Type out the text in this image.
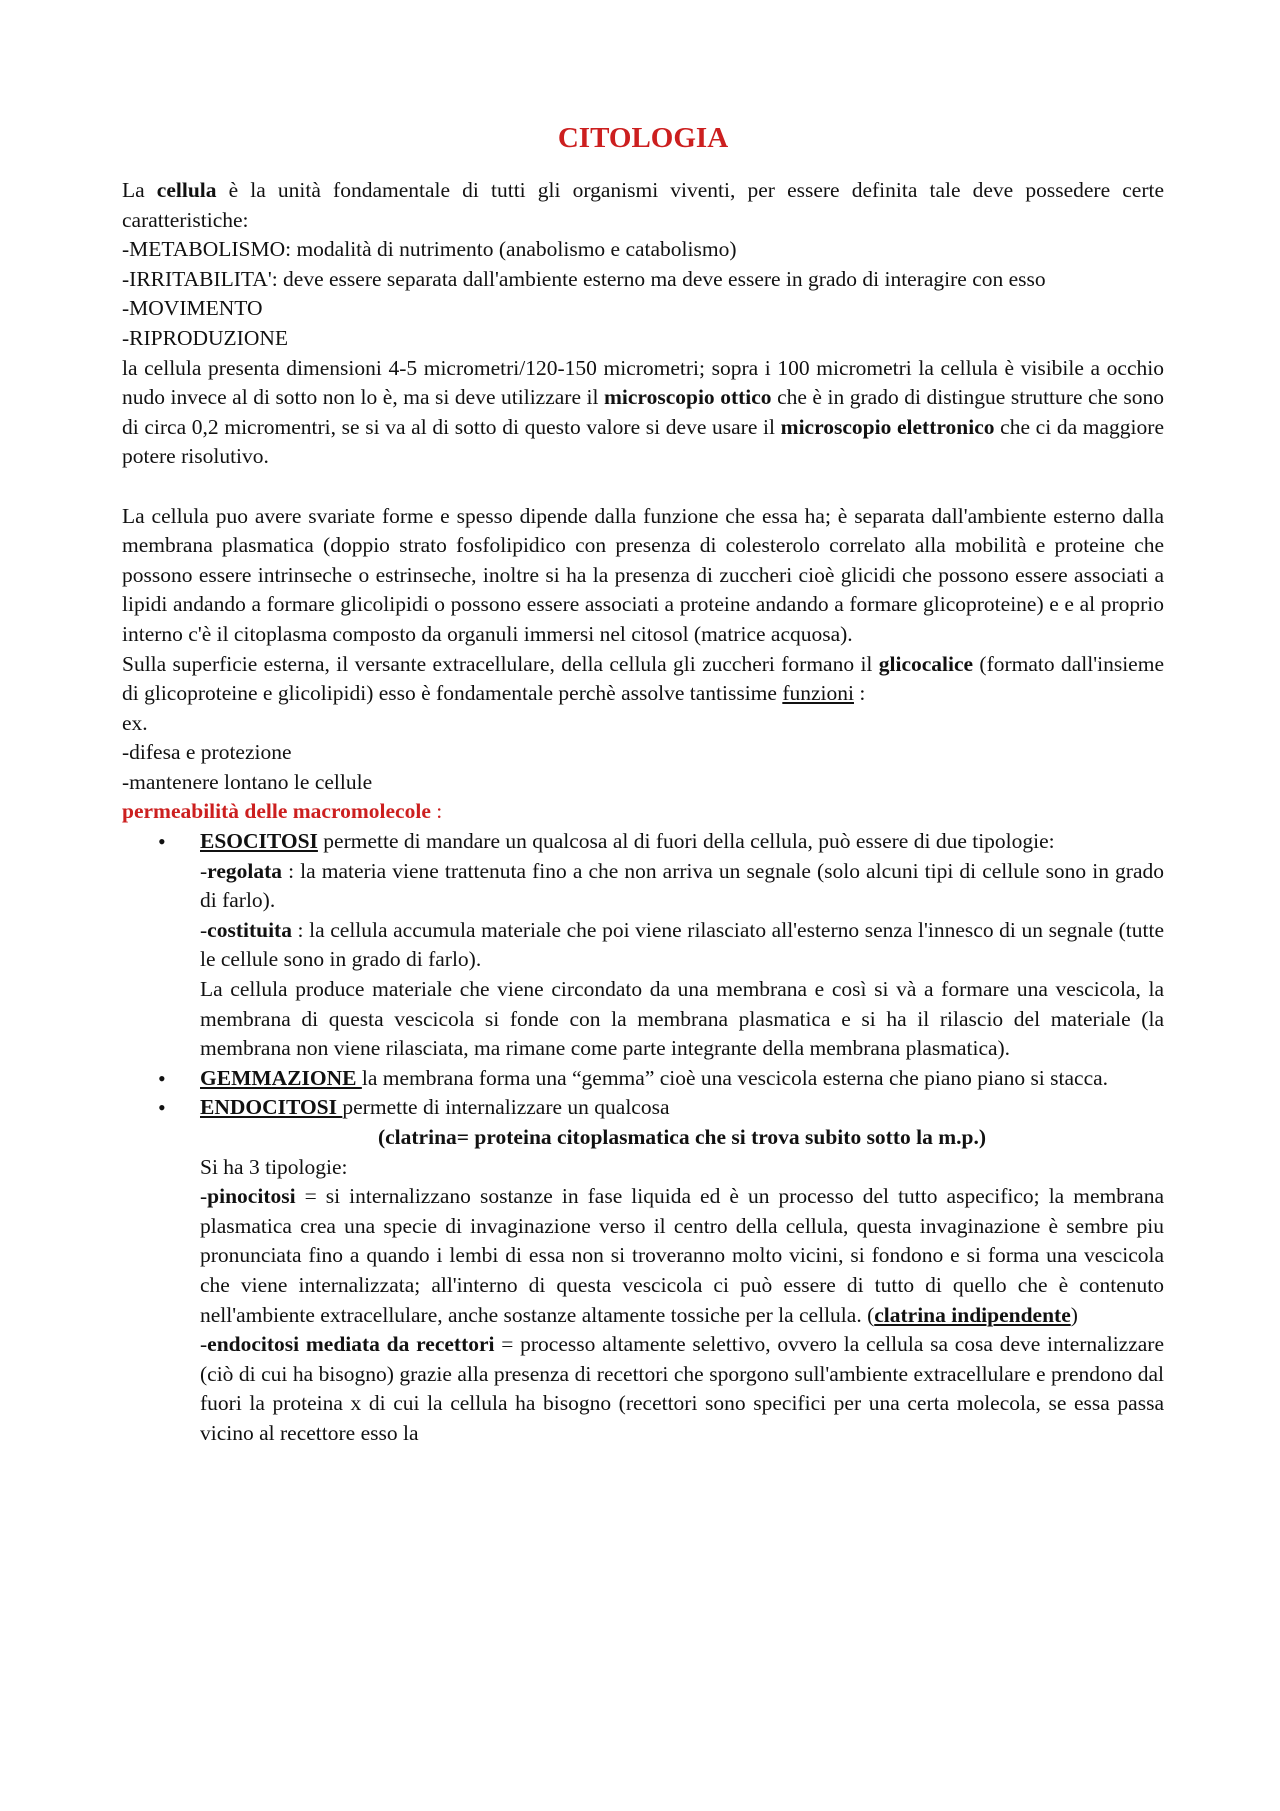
CITOLOGIA

La cellula è la unità fondamentale di tutti gli organismi viventi, per essere definita tale deve possedere certe caratteristiche:

-METABOLISMO: modalità di nutrimento (anabolismo e catabolismo)

-IRRITABILITA': deve essere separata dall'ambiente esterno ma deve essere in grado di interagire con esso

-MOVIMENTO

-RIPRODUZIONE

la cellula presenta dimensioni 4-5 micrometri/120-150 micrometri; sopra i 100 micrometri la cellula è visibile a occhio nudo invece al di sotto non lo è, ma si deve utilizzare il microscopio ottico che è in grado di distingue strutture che sono di circa 0,2 micromentri, se si va al di sotto di questo valore si deve usare il microscopio elettronico che ci da maggiore potere risolutivo.

La cellula puo avere svariate forme e spesso dipende dalla funzione che essa ha; è separata dall'ambiente esterno dalla membrana plasmatica (doppio strato fosfolipidico con presenza di colesterolo correlato alla mobilità e proteine che possono essere intrinseche o estrinseche, inoltre si ha la presenza di zuccheri cioè glicidi che possono essere associati a lipidi andando a formare glicolipidi o possono essere associati a proteine andando a formare glicoproteine) e e al proprio interno c'è il citoplasma composto da organuli immersi nel citosol (matrice acquosa).

Sulla superficie esterna, il versante extracellulare, della cellula gli zuccheri formano il glicocalice (formato dall'insieme di glicoproteine e glicolipidi) esso è fondamentale perchè assolve tantissime funzioni :

ex.

-difesa e protezione

-mantenere lontano le cellule

permeabilità delle macromolecole :

• ESOCITOSI permette di mandare un qualcosa al di fuori della cellula, può essere di due tipologie:

-regolata : la materia viene trattenuta fino a che non arriva un segnale (solo alcuni tipi di cellule sono in grado di farlo).

-costituita : la cellula accumula materiale che poi viene rilasciato all'esterno senza l'innesco di un segnale (tutte le cellule sono in grado di farlo).

La cellula produce materiale che viene circondato da una membrana e così si và a formare una vescicola, la membrana di questa vescicola si fonde con la membrana plasmatica e si ha il rilascio del materiale (la membrana non viene rilasciata, ma rimane come parte integrante della membrana plasmatica).

• GEMMAZIONE la membrana forma una “gemma” cioè una vescicola esterna che piano piano si stacca.

• ENDOCITOSI permette di internalizzare un qualcosa

(clatrina= proteina citoplasmatica che si trova subito sotto la m.p.)

Si ha 3 tipologie:

-pinocitosi = si internalizzano sostanze in fase liquida ed è un processo del tutto aspecifico; la membrana plasmatica crea una specie di invaginazione verso il centro della cellula, questa invaginazione è sembre piu pronunciata fino a quando i lembi di essa non si troveranno molto vicini, si fondono e si forma una vescicola che viene internalizzata; all'interno di questa vescicola ci può essere di tutto di quello che è contenuto nell'ambiente extracellulare, anche sostanze altamente tossiche per la cellula. (clatrina indipendente)

-endocitosi mediata da recettori = processo altamente selettivo, ovvero la cellula sa cosa deve internalizzare (ciò di cui ha bisogno) grazie alla presenza di recettori che sporgono sull'ambiente extracellulare e prendono dal fuori la proteina x di cui la cellula ha bisogno (recettori sono specifici per una certa molecola, se essa passa vicino al recettore esso la
